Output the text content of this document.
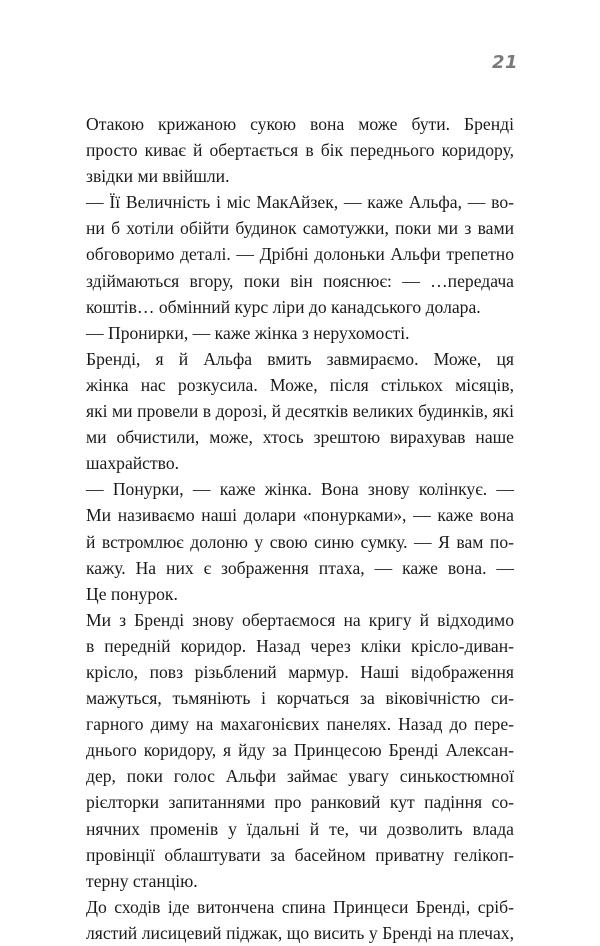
21
Отакою крижаною сукою вона може бути. Бренді
просто киває й обертається в бік переднього коридору,
звідки ми ввійшли.
— Її Величність і міс МакАйзек, — каже Альфа, — во-
ни б хотіли обійти будинок самотужки, поки ми з вами
обговоримо деталі. — Дрібні долоньки Альфи трепетно
здіймаються вгору, поки він пояснює: — …передача
коштів… обмінний курс ліри до канадського долара.
— Пронирки, — каже жінка з нерухомості.
Бренді, я й Альфа вмить завмираємо. Може, ця
жінка нас розкусила. Може, після стількох місяців,
які ми провели в дорозі, й десятків великих будинків, які
ми обчистили, може, хтось зрештою вирахував наше
шахрайство.
— Понурки, — каже жінка. Вона знову колінкує. —
Ми називаємо наші долари «понурками», — каже вона
й встромлює долоню у свою синю сумку. — Я вам по-
кажу. На них є зображення птаха, — каже вона. —
Це понурок.
Ми з Бренді знову обертаємося на кригу й відходимо
в передній коридор. Назад через кліки крісло-диван-
крісло, повз різьблений мармур. Наші відображення
мажуться, тьмяніють і корчаться за віковічністю си-
гарного диму на махагонієвих панелях. Назад до пере-
днього коридору, я йду за Принцесою Бренді Алексан-
дер, поки голос Альфи займає увагу синькостюмної
рієлторки запитаннями про ранковий кут падіння со-
нячних променів у їдальні й те, чи дозволить влада
провінції облаштувати за басейном приватну гелікоп-
терну станцію.
До сходів іде витончена спина Принцеси Бренді, сріб-
лястий лисицевий піджак, що висить у Бренді на плечах,
